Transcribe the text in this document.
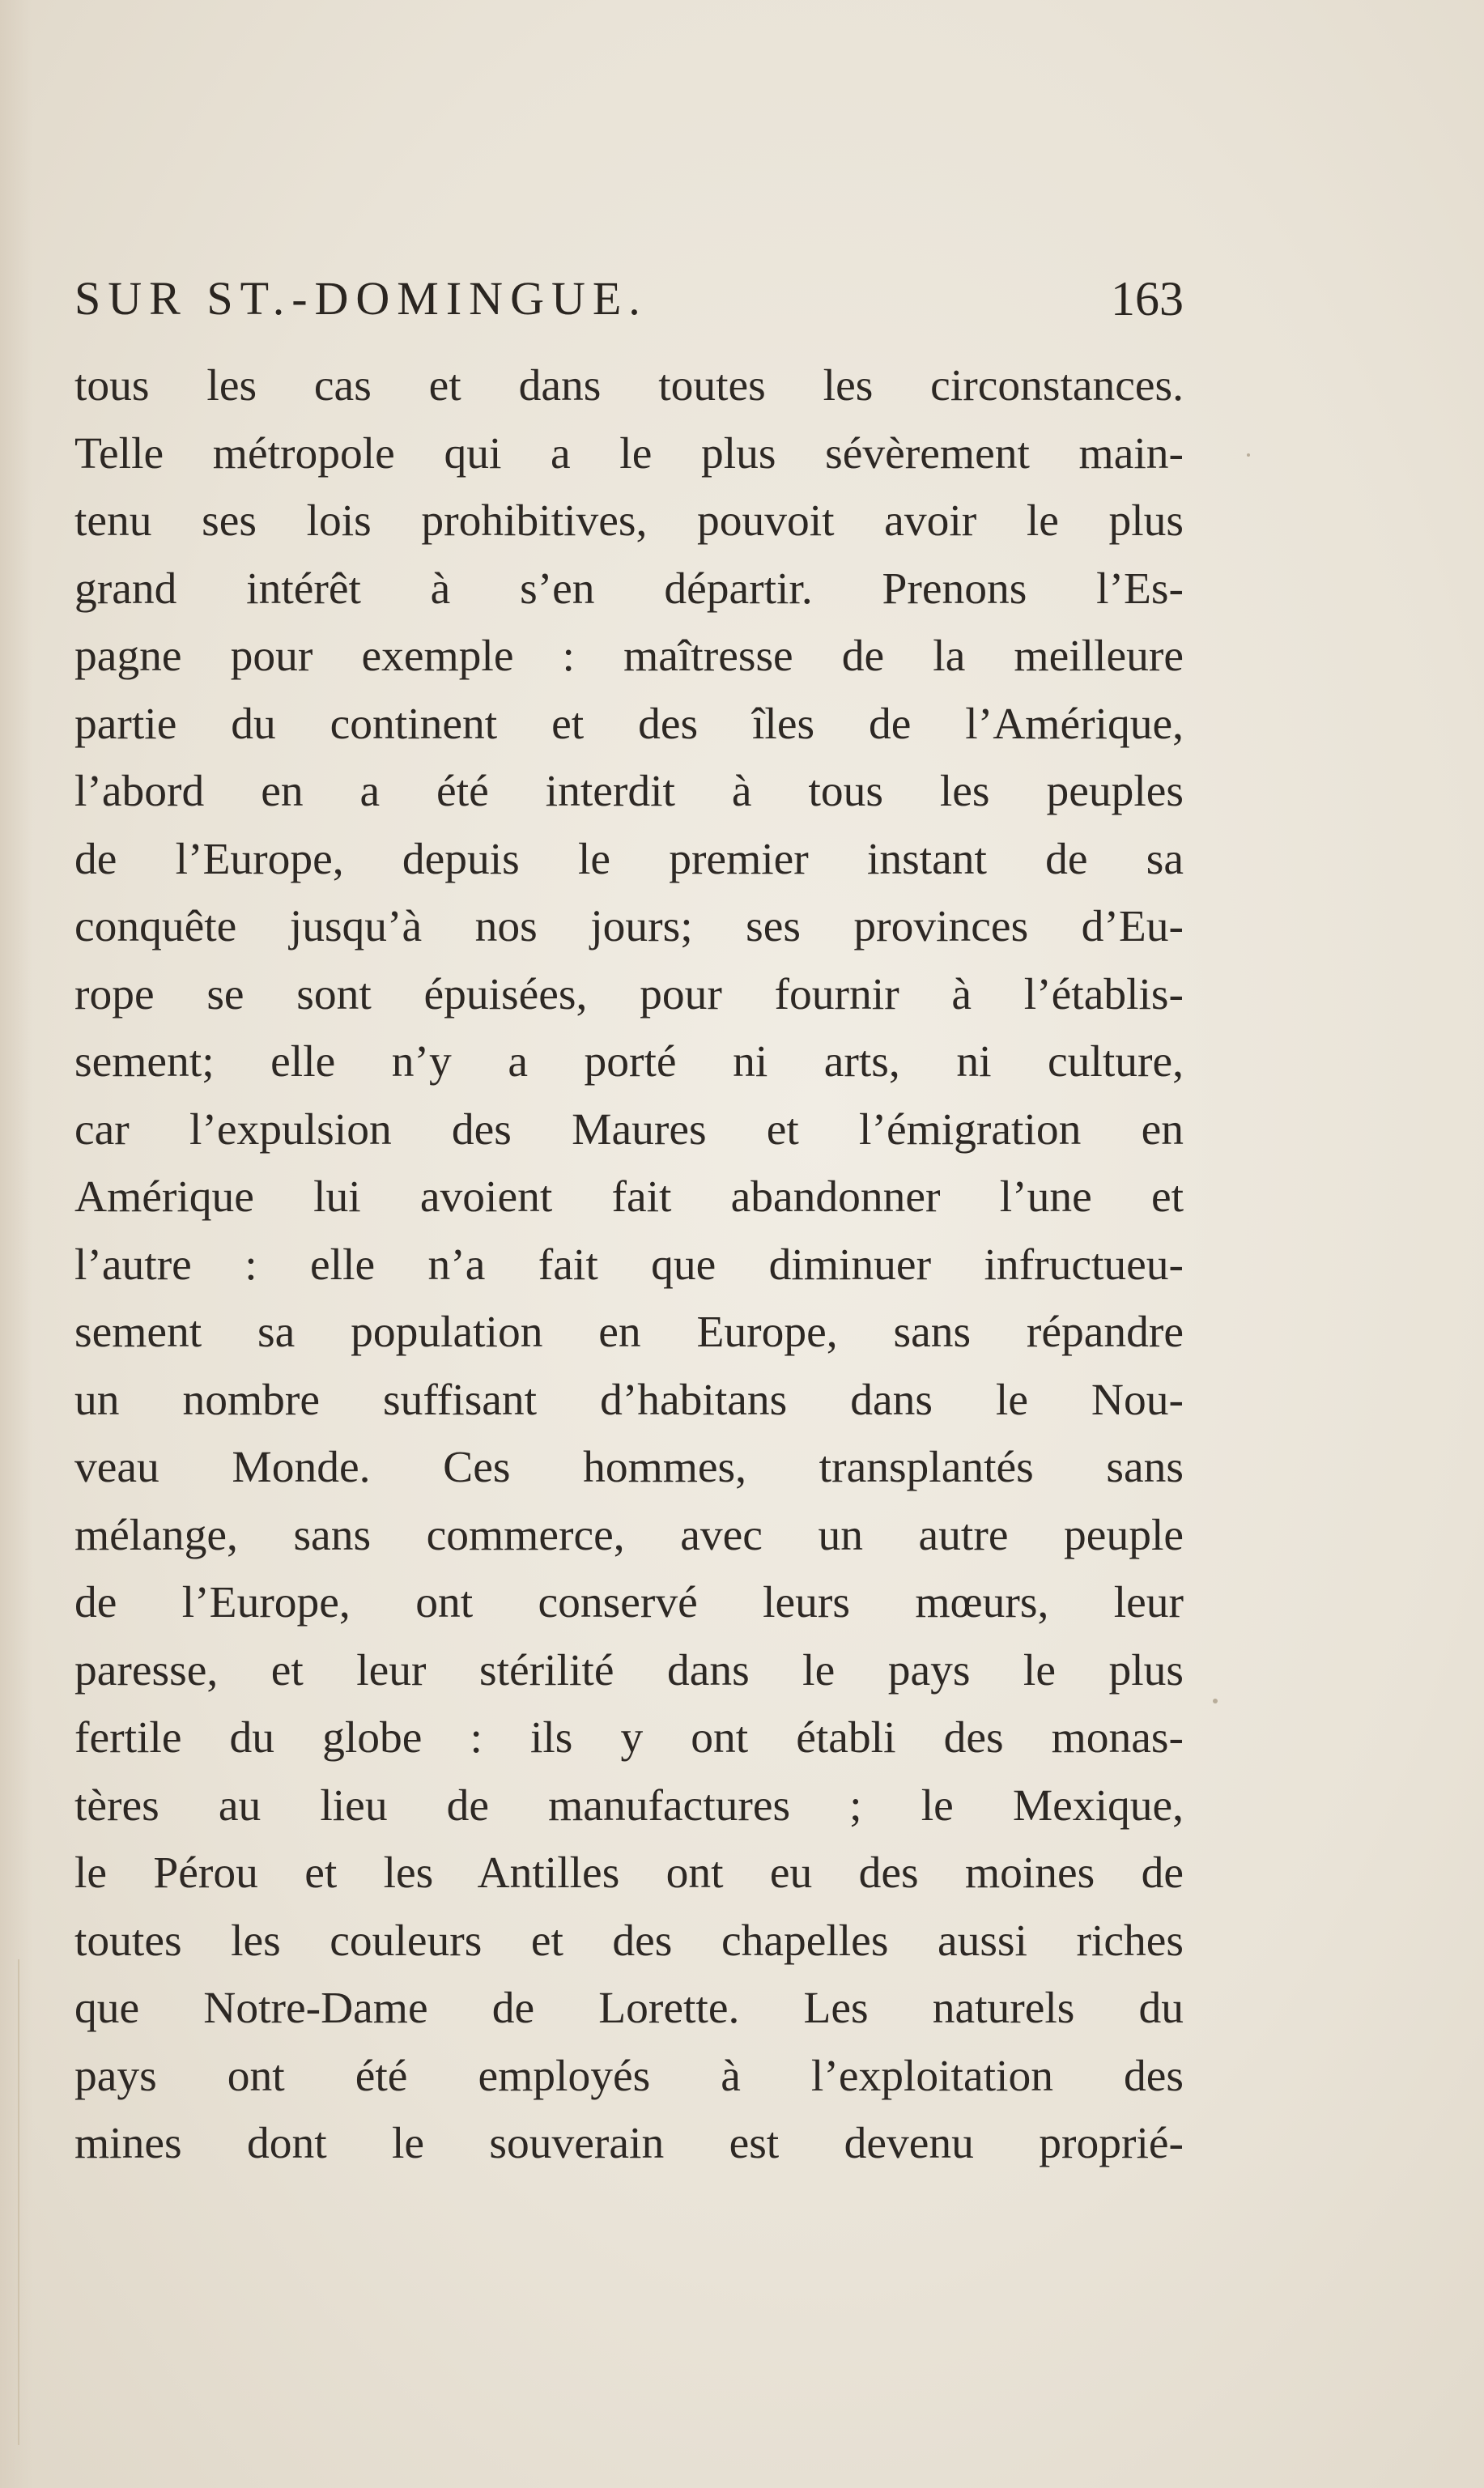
SUR ST.-DOMINGUE.	163
tous les cas et dans toutes les circonstances.
Telle métropole qui a le plus sévèrement main-
tenu ses lois prohibitives, pouvoit avoir le plus
grand intérêt à s’en départir. Prenons l’Es-
pagne pour exemple : maîtresse de la meilleure
partie du continent et des îles de l’Amérique,
l’abord en a été interdit à tous les peuples
de l’Europe, depuis le premier instant de sa
conquête jusqu’à nos jours; ses provinces d’Eu-
rope se sont épuisées, pour fournir à l’établis-
sement; elle n’y a porté ni arts, ni culture,
car l’expulsion des Maures et l’émigration en
Amérique lui avoient fait abandonner l’une et
l’autre : elle n’a fait que diminuer infructueu-
sement sa population en Europe, sans répandre
un nombre suffisant d’habitans dans le Nou-
veau Monde. Ces hommes, transplantés sans
mélange, sans commerce, avec un autre peuple
de l’Europe, ont conservé leurs mœurs, leur
paresse, et leur stérilité dans le pays le plus
fertile du globe : ils y ont établi des monas-
tères au lieu de manufactures ; le Mexique,
le Pérou et les Antilles ont eu des moines de
toutes les couleurs et des chapelles aussi riches
que Notre-Dame de Lorette. Les naturels du
pays ont été employés à l’exploitation des
mines dont le souverain est devenu proprié-
